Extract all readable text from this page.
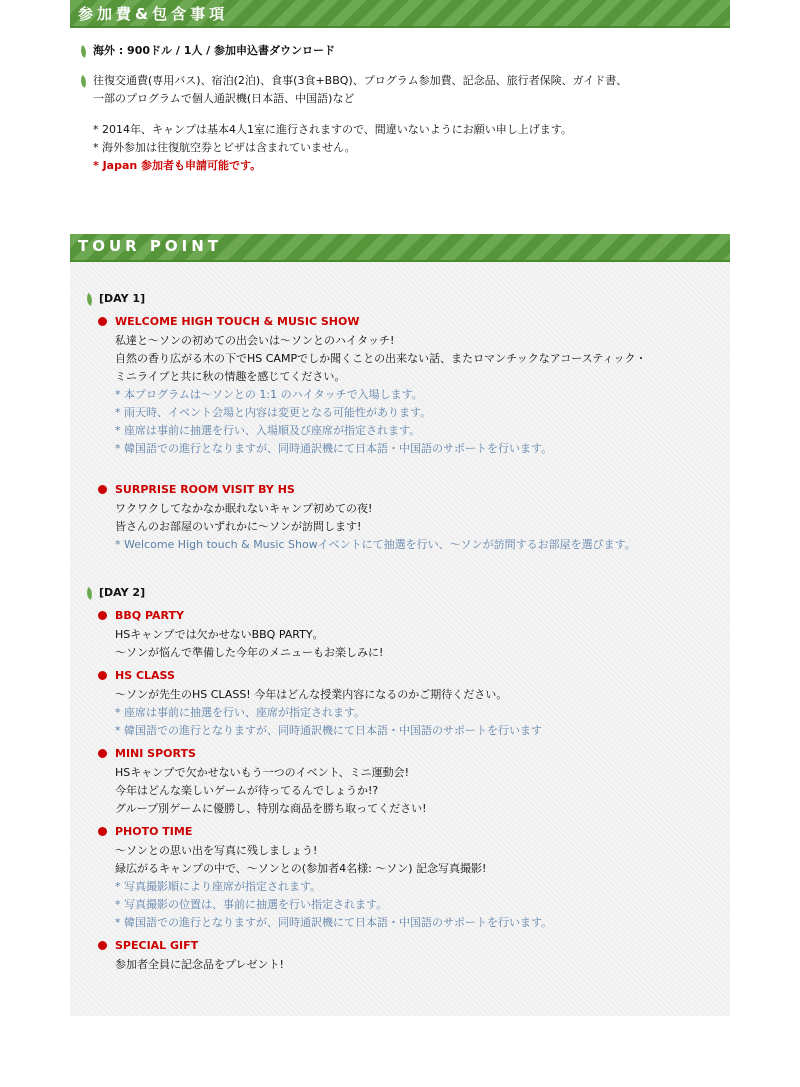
参加費&包含事項
海外 : 900ドル / 1人 / 参加申込書ダウンロード
往復交通費(専用バス)、宿泊(2泊)、食事(3食+BBQ)、プログラム参加費、記念品、旅行者保険、ガイド書、
一部のプログラムで個人通訳機(日本語、中国語)など
* 2014年、キャンプは基本4人1室に進行されますので、間違いないようにお願い申し上げます。
* 海外参加は往復航空券とビザは含まれていません。
* Japan 参加者も申請可能です。
TOUR POINT
[DAY 1]
WELCOME HIGH TOUCH & MUSIC SHOW
私達と～ソンの初めての出会いは～ソンとのハイタッチ!
自然の香り広がる木の下でHS CAMPでしか聞くことの出来ない話、またロマンチックなアコースティック・
ミニライブと共に秋の情趣を感じてください。
* 本プログラムは～ソンとの 1:1 のハイタッチで入場します。
* 雨天時、イベント会場と内容は変更となる可能性があります。
* 座席は事前に抽選を行い、入場順及び座席が指定されます。
* 韓国語での進行となりますが、同時通訳機にて日本語・中国語のサポートを行います。
SURPRISE ROOM VISIT BY HS
ワクワクしてなかなか眠れないキャンプ初めての夜!
皆さんのお部屋のいずれかに～ソンが訪問します!
* Welcome High touch & Music Showイベントにて抽選を行い、～ソンが訪問するお部屋を選びます。
[DAY 2]
BBQ PARTY
HSキャンプでは欠かせないBBQ PARTY。
～ソンが悩んで準備した今年のメニューもお楽しみに!
HS CLASS
～ソンが先生のHS CLASS! 今年はどんな授業内容になるのかご期待ください。
* 座席は事前に抽選を行い、座席が指定されます。
* 韓国語での進行となりますが、同時通訳機にて日本語・中国語のサポートを行います
MINI SPORTS
HSキャンプで欠かせないもう一つのイベント、ミニ運動会!
今年はどんな楽しいゲームが待ってるんでしょうか!?
グループ別ゲームに優勝し、特別な商品を勝ち取ってください!
PHOTO TIME
～ソンとの思い出を写真に残しましょう!
緑広がるキャンプの中で、～ソンとの(参加者4名様: ～ソン) 記念写真撮影!
* 写真撮影順により座席が指定されます。
* 写真撮影の位置は、事前に抽選を行い指定されます。
* 韓国語での進行となりますが、同時通訳機にて日本語・中国語のサポートを行います。
SPECIAL GIFT
参加者全員に記念品をプレゼント!
